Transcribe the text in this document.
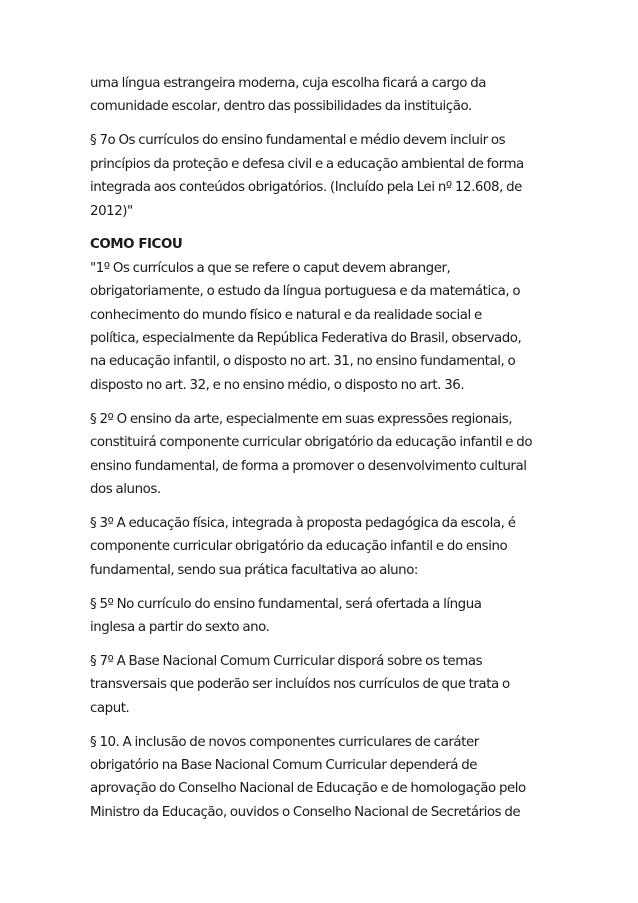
uma língua estrangeira moderna, cuja escolha ficará a cargo da
comunidade escolar, dentro das possibilidades da instituição.

§ 7o Os currículos do ensino fundamental e médio devem incluir os
princípios da proteção e defesa civil e a educação ambiental de forma
integrada aos conteúdos obrigatórios. (Incluído pela Lei nº 12.608, de
2012)"

COMO FICOU

"1º Os currículos a que se refere o caput devem abranger,
obrigatoriamente, o estudo da língua portuguesa e da matemática, o
conhecimento do mundo físico e natural e da realidade social e
política, especialmente da República Federativa do Brasil, observado,
na educação infantil, o disposto no art. 31, no ensino fundamental, o
disposto no art. 32, e no ensino médio, o disposto no art. 36.

§ 2º O ensino da arte, especialmente em suas expressões regionais,
constituirá componente curricular obrigatório da educação infantil e do
ensino fundamental, de forma a promover o desenvolvimento cultural
dos alunos.

§ 3º A educação física, integrada à proposta pedagógica da escola, é
componente curricular obrigatório da educação infantil e do ensino
fundamental, sendo sua prática facultativa ao aluno:

§ 5º No currículo do ensino fundamental, será ofertada a língua
inglesa a partir do sexto ano.

§ 7º A Base Nacional Comum Curricular disporá sobre os temas
transversais que poderão ser incluídos nos currículos de que trata o
caput.

§ 10. A inclusão de novos componentes curriculares de caráter
obrigatório na Base Nacional Comum Curricular dependerá de
aprovação do Conselho Nacional de Educação e de homologação pelo
Ministro da Educação, ouvidos o Conselho Nacional de Secretários de
